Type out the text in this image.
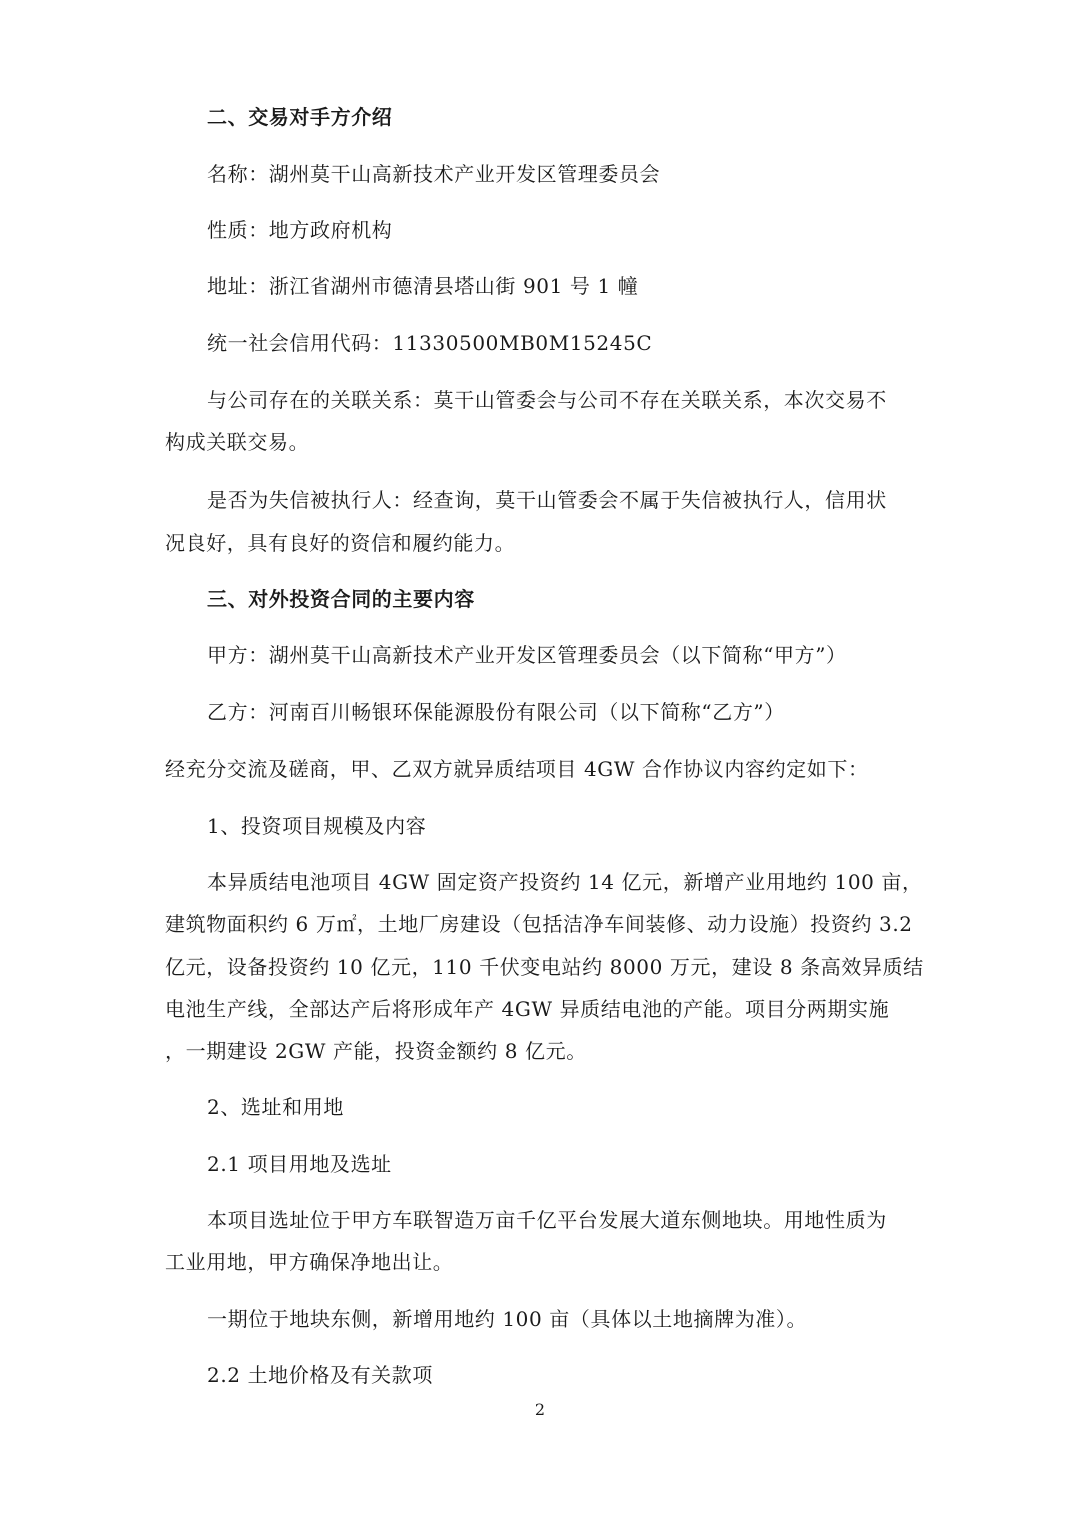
二、交易对手方介绍
名称：湖州莫干山高新技术产业开发区管理委员会
性质：地方政府机构
地址：浙江省湖州市德清县塔山街 901 号 1 幢
统一社会信用代码：11330500MB0M15245C
与公司存在的关联关系：莫干山管委会与公司不存在关联关系，本次交易不
构成关联交易。
是否为失信被执行人：经查询，莫干山管委会不属于失信被执行人，信用状
况良好，具有良好的资信和履约能力。
三、对外投资合同的主要内容
甲方：湖州莫干山高新技术产业开发区管理委员会（以下简称“甲方”）
乙方：河南百川畅银环保能源股份有限公司（以下简称“乙方”）
经充分交流及磋商，甲、乙双方就异质结项目 4GW 合作协议内容约定如下：
1、投资项目规模及内容
本异质结电池项目 4GW 固定资产投资约 14 亿元，新增产业用地约 100 亩，
建筑物面积约 6 万㎡，土地厂房建设（包括洁净车间装修、动力设施）投资约 3.2
亿元，设备投资约 10 亿元，110 千伏变电站约 8000 万元，建设 8 条高效异质结
电池生产线，全部达产后将形成年产 4GW 异质结电池的产能。项目分两期实施
，一期建设 2GW 产能，投资金额约 8 亿元。
2、选址和用地
2.1 项目用地及选址
本项目选址位于甲方车联智造万亩千亿平台发展大道东侧地块。用地性质为
工业用地，甲方确保净地出让。
一期位于地块东侧，新增用地约 100 亩（具体以土地摘牌为准）。
2.2 土地价格及有关款项
2
